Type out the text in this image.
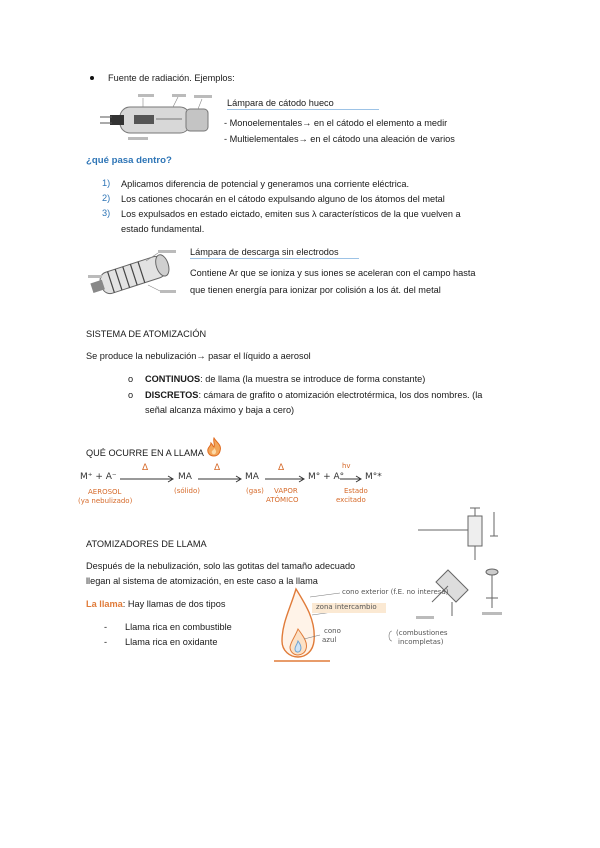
Fuente de radiación. Ejemplos:
Lámpara de cátodo hueco
- Monoelementales→ en el cátodo el elemento a medir
- Multielementales→ en el cátodo una aleación de varios
¿qué pasa dentro?
1) Aplicamos diferencia de potencial y generamos una corriente eléctrica.
2) Los cationes chocarán en el cátodo expulsando alguno de los átomos del metal
3) Los expulsados en estado eictado, emiten sus λ característicos de la que vuelven a
estado fundamental.
Lámpara de descarga sin electrodos
Contiene Ar que se ioniza y sus iones se aceleran con el campo hasta
que tienen energía para ionizar por colisión a los át. del metal
SISTEMA DE ATOMIZACIÓN
Se produce la nebulización→ pasar el líquido a aerosol
o CONTINUOS: de llama (la muestra se introduce de forma constante)
o DISCRETOS: cámara de grafito o atomización electrotérmica, los dos nombres. (la
señal alcanza máximo y baja a cero)
QUÉ OCURRE EN A LLAMA
M⁺ + A⁻	MA	MA	M° + A° M°*
Δ	Δ	Δ	hv
AEROSOL	(sólido)	(gas) VAPOR	Estado
(ya nebulizado)	ATÓMICO	excitado
ATOMIZADORES DE LLAMA
Después de la nebulización, solo las gotitas del tamaño adecuado
llegan al sistema de atomización, en este caso a la llama
La llama: Hay llamas de dos tipos
- Llama rica en combustible
- Llama rica en oxidante
cono exterior (f.E. no interesa)
zona intercambio
cono
azul
(combustiones
incompletas)
